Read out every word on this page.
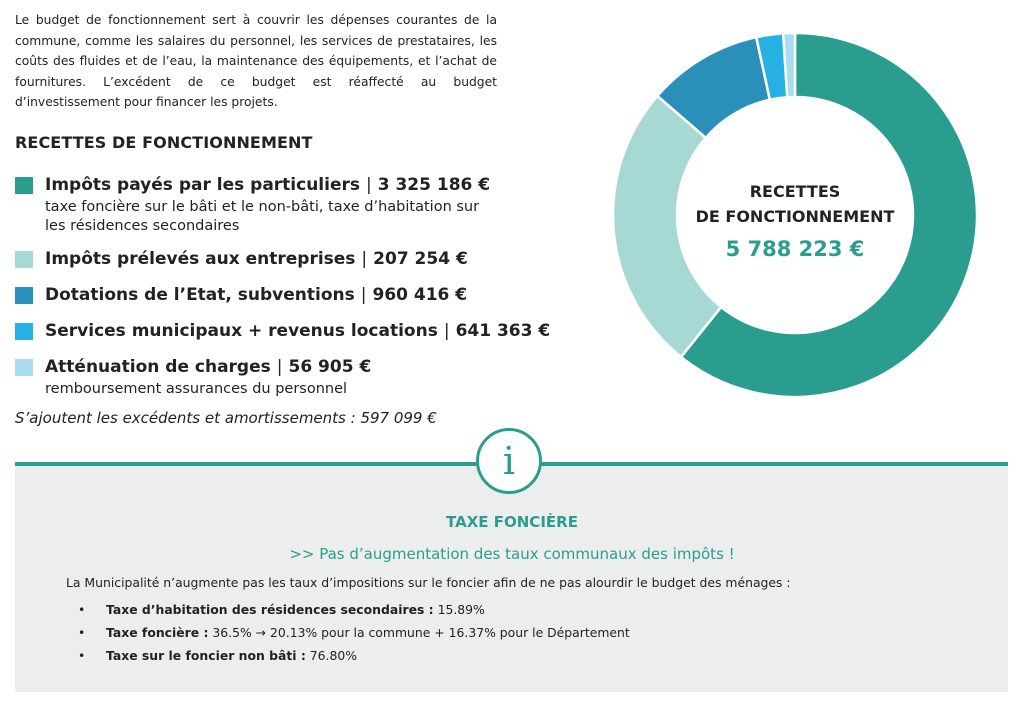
Le budget de fonctionnement sert à couvrir les dépenses courantes de la commune, comme les salaires du personnel, les services de prestataires, les coûts des fluides et de l’eau, la maintenance des équipements, et l’achat de fournitures. L’excédent de ce budget est réaffecté au budget d’investissement pour financer les projets.

RECETTES DE FONCTIONNEMENT
Impôts payés par les particuliers | 3 325 186 €
taxe foncière sur le bâti et le non-bâti, taxe d’habitation sur les résidences secondaires
Impôts prélevés aux entreprises | 207 254 €
Dotations de l’Etat, subventions | 960 416 €
Services municipaux + revenus locations | 641 363 €
Atténuation de charges | 56 905 €
remboursement assurances du personnel

S’ajoutent les excédents et amortissements : 597 099 €

RECETTES
DE FONCTIONNEMENT
5 788 223 €
i

TAXE FONCIÈRE

>> Pas d’augmentation des taux communaux des impôts !

La Municipalité n’augmente pas les taux d’impositions sur le foncier afin de ne pas alourdir le budget des ménages :

• Taxe d’habitation des résidences secondaires : 15.89%
• Taxe foncière : 36.5% → 20.13% pour la commune + 16.37% pour le Département
• Taxe sur le foncier non bâti : 76.80%
